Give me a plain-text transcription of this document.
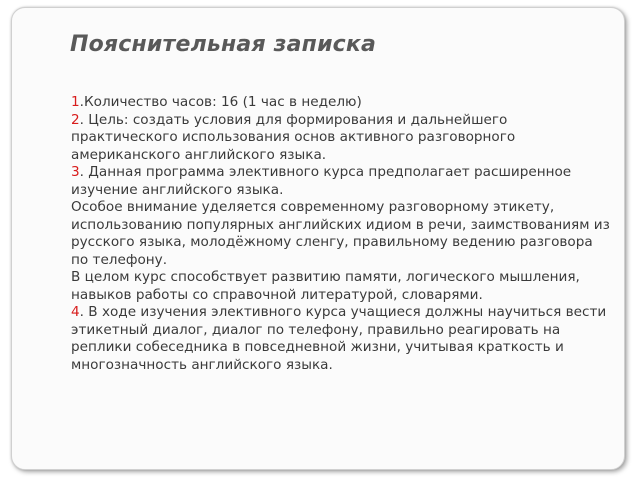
Пояснительная записка

1.Количество часов: 16 (1 час в неделю)

2. Цель: создать условия для формирования и дальнейшего практического использования основ активного разговорного американского английского языка.

3. Данная программа элективного курса предполагает расширенное изучение английского языка.

Особое внимание уделяется современному разговорному этикету, использованию популярных английских идиом в речи, заимствованиям из русского языка, молодёжному сленгу, правильному ведению разговора по телефону.

В целом курс способствует развитию памяти, логического мышления, навыков работы со справочной литературой, словарями.

4. В ходе изучения элективного курса учащиеся должны научиться вести этикетный диалог, диалог по телефону, правильно реагировать на реплики собеседника в повседневной жизни, учитывая краткость и многозначность английского языка.
